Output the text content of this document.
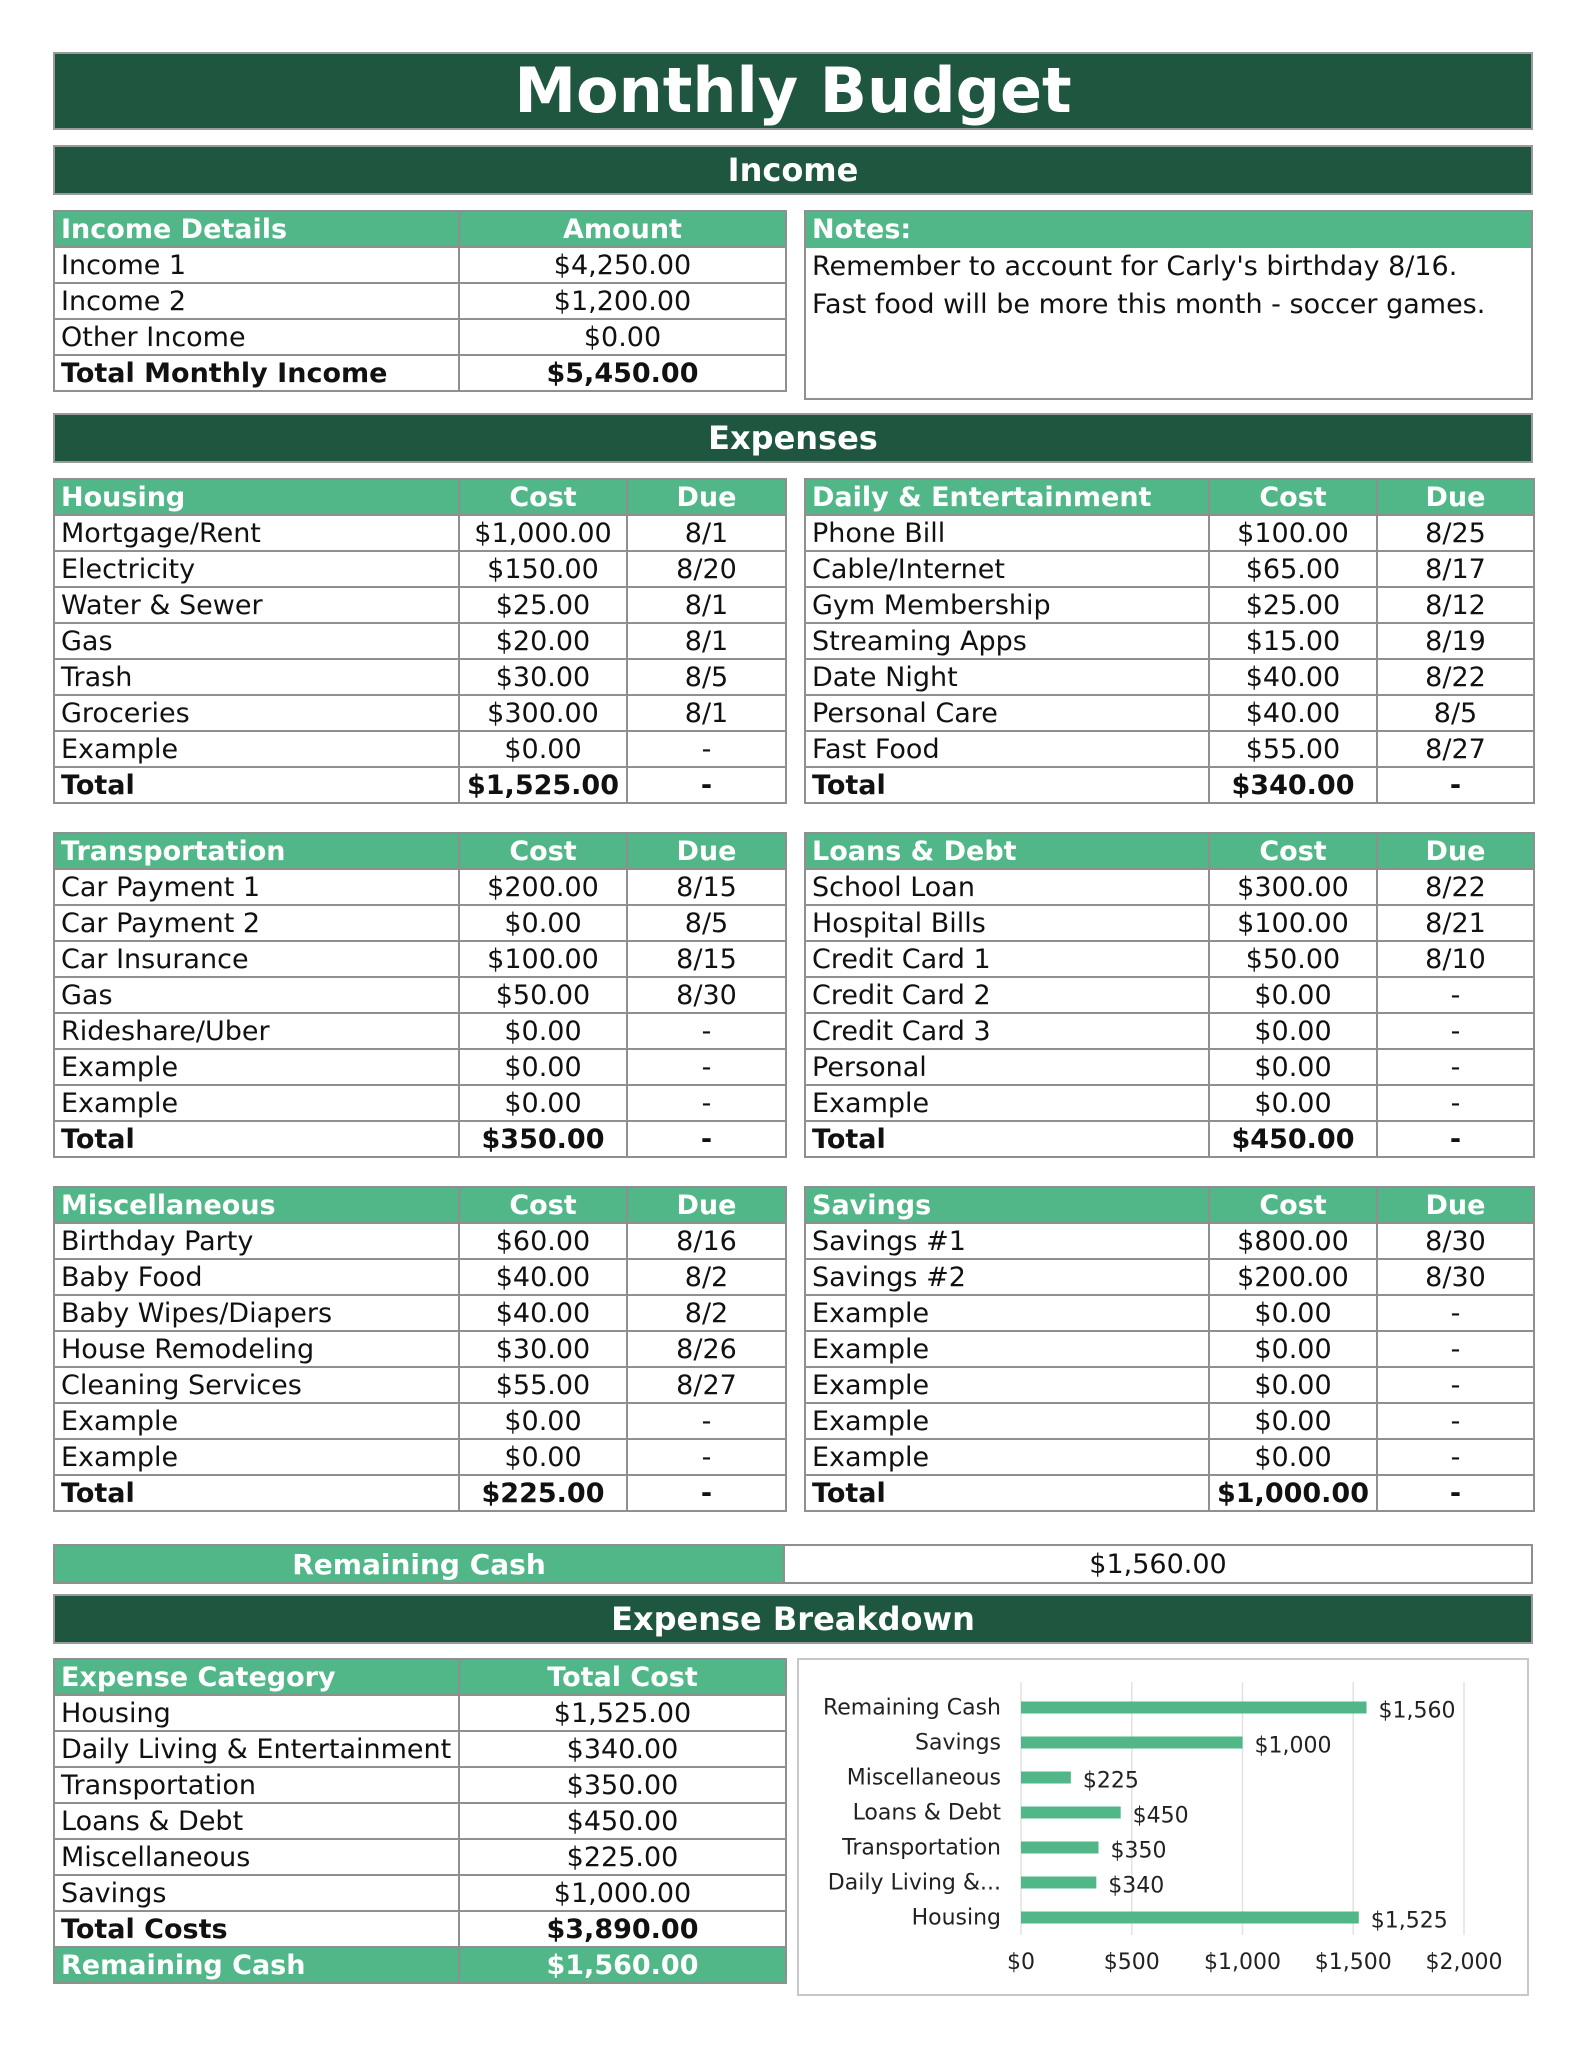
Monthly Budget
Income
Income Details	Amount
Income 1	$4,250.00
Income 2	$1,200.00
Other Income	$0.00
Total Monthly Income	$5,450.00
Notes:
Remember to account for Carly's birthday 8/16.
Fast food will be more this month - soccer games.
Expenses
Housing	Cost	Due
Mortgage/Rent	$1,000.00	8/1
Electricity	$150.00	8/20
Water & Sewer	$25.00	8/1
Gas	$20.00	8/1
Trash	$30.00	8/5
Groceries	$300.00	8/1
Example	$0.00	-
Total	$1,525.00	-
Daily & Entertainment	Cost	Due
Phone Bill	$100.00	8/25
Cable/Internet	$65.00	8/17
Gym Membership	$25.00	8/12
Streaming Apps	$15.00	8/19
Date Night	$40.00	8/22
Personal Care	$40.00	8/5
Fast Food	$55.00	8/27
Total	$340.00	-
Transportation	Cost	Due
Car Payment 1	$200.00	8/15
Car Payment 2	$0.00	8/5
Car Insurance	$100.00	8/15
Gas	$50.00	8/30
Rideshare/Uber	$0.00	-
Example	$0.00	-
Example	$0.00	-
Total	$350.00	-
Loans & Debt	Cost	Due
School Loan	$300.00	8/22
Hospital Bills	$100.00	8/21
Credit Card 1	$50.00	8/10
Credit Card 2	$0.00	-
Credit Card 3	$0.00	-
Personal	$0.00	-
Example	$0.00	-
Total	$450.00	-
Miscellaneous	Cost	Due
Birthday Party	$60.00	8/16
Baby Food	$40.00	8/2
Baby Wipes/Diapers	$40.00	8/2
House Remodeling	$30.00	8/26
Cleaning Services	$55.00	8/27
Example	$0.00	-
Example	$0.00	-
Total	$225.00	-
Savings	Cost	Due
Savings #1	$800.00	8/30
Savings #2	$200.00	8/30
Example	$0.00	-
Example	$0.00	-
Example	$0.00	-
Example	$0.00	-
Example	$0.00	-
Total	$1,000.00	-
Remaining Cash	$1,560.00
Expense Breakdown
Expense Category	Total Cost
Housing	$1,525.00
Daily Living & Entertainment	$340.00
Transportation	$350.00
Loans & Debt	$450.00
Miscellaneous	$225.00
Savings	$1,000.00
Total Costs	$3,890.00
Remaining Cash	$1,560.00	$0	$500 $1,000 $1,500 $2,000
Remaining Cash	$1,560
Savings	$1,000
Miscellaneous	$225
Loans & Debt	$450
Transportation	$350
Daily Living &...	$340
Housing	$1,525
